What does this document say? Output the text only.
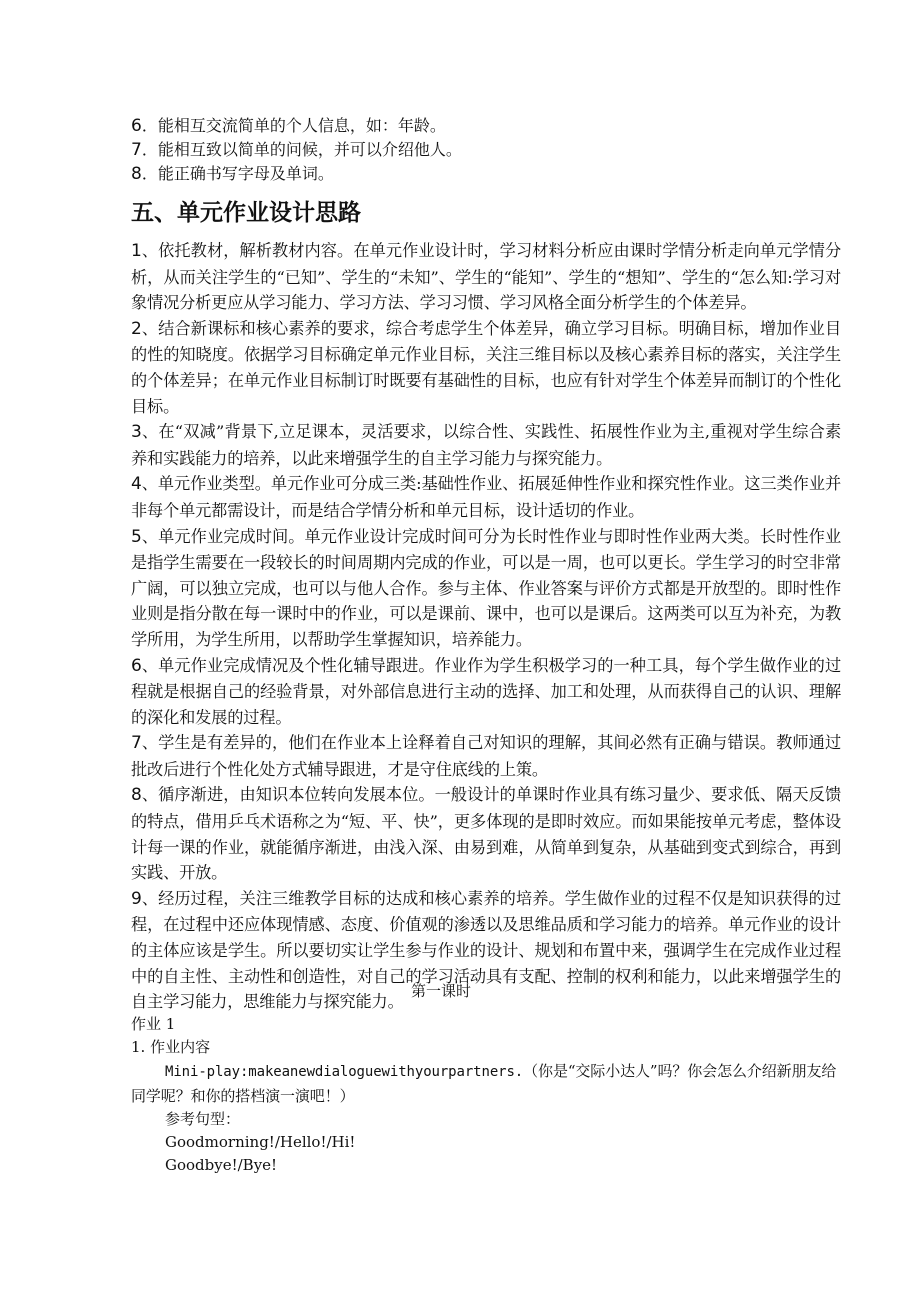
6．能相互交流简单的个人信息，如：年龄。

7．能相互致以简单的问候，并可以介绍他人。

8．能正确书写字母及单词。

五、单元作业设计思路

1、依托教材，解析教材内容。在单元作业设计时，学习材料分析应由课时学情分析走向单元学情分析，从而关注学生的“已知”、学生的“未知”、学生的“能知”、学生的“想知”、学生的“怎么知:学习对象情况分析更应从学习能力、学习方法、学习习惯、学习风格全面分析学生的个体差异。

2、结合新课标和核心素养的要求，综合考虑学生个体差异，确立学习目标。明确目标，增加作业目的性的知晓度。依据学习目标确定单元作业目标，关注三维目标以及核心素养目标的落实，关注学生的个体差异；在单元作业目标制订时既要有基础性的目标，也应有针对学生个体差异而制订的个性化目标。

3、在“双减”背景下,立足课本，灵活要求，以综合性、实践性、拓展性作业为主,重视对学生综合素养和实践能力的培养，以此来增强学生的自主学习能力与探究能力。

4、单元作业类型。单元作业可分成三类:基础性作业、拓展延伸性作业和探究性作业。这三类作业并非每个单元都需设计，而是结合学情分析和单元目标，设计适切的作业。

5、单元作业完成时间。单元作业设计完成时间可分为长时性作业与即时性作业两大类。长时性作业是指学生需要在一段较长的时间周期内完成的作业，可以是一周，也可以更长。学生学习的时空非常广阔，可以独立完成，也可以与他人合作。参与主体、作业答案与评价方式都是开放型的。即时性作业则是指分散在每一课时中的作业，可以是课前、课中，也可以是课后。这两类可以互为补充，为教学所用，为学生所用，以帮助学生掌握知识，培养能力。

6、单元作业完成情况及个性化辅导跟进。作业作为学生积极学习的一种工具，每个学生做作业的过程就是根据自己的经验背景，对外部信息进行主动的选择、加工和处理，从而获得自己的认识、理解的深化和发展的过程。

7、学生是有差异的，他们在作业本上诠释着自己对知识的理解，其间必然有正确与错误。教师通过批改后进行个性化处方式辅导跟进，才是守住底线的上策。

8、循序渐进，由知识本位转向发展本位。一般设计的单课时作业具有练习量少、要求低、隔天反馈的特点，借用乒乓术语称之为“短、平、快”，更多体现的是即时效应。而如果能按单元考虑，整体设计每一课的作业，就能循序渐进，由浅入深、由易到难，从简单到复杂，从基础到变式到综合，再到实践、开放。

9、经历过程，关注三维教学目标的达成和核心素养的培养。学生做作业的过程不仅是知识获得的过程，在过程中还应体现情感、态度、价值观的渗透以及思维品质和学习能力的培养。单元作业的设计的主体应该是学生。所以要切实让学生参与作业的设计、规划和布置中来，强调学生在完成作业过程中的自主性、主动性和创造性，对自己的学习活动具有支配、控制的权利和能力，以此来增强学生的自主学习能力，思维能力与探究能力。

第一课时

作业 1

1. 作业内容

Mini-play:makeanewdialoguewithyourpartners.（你是“交际小达人”吗？你会怎么介绍新朋友给同学呢？和你的搭档演一演吧！）

参考句型：

Goodmorning!/Hello!/Hi!

Goodbye!/Bye!
